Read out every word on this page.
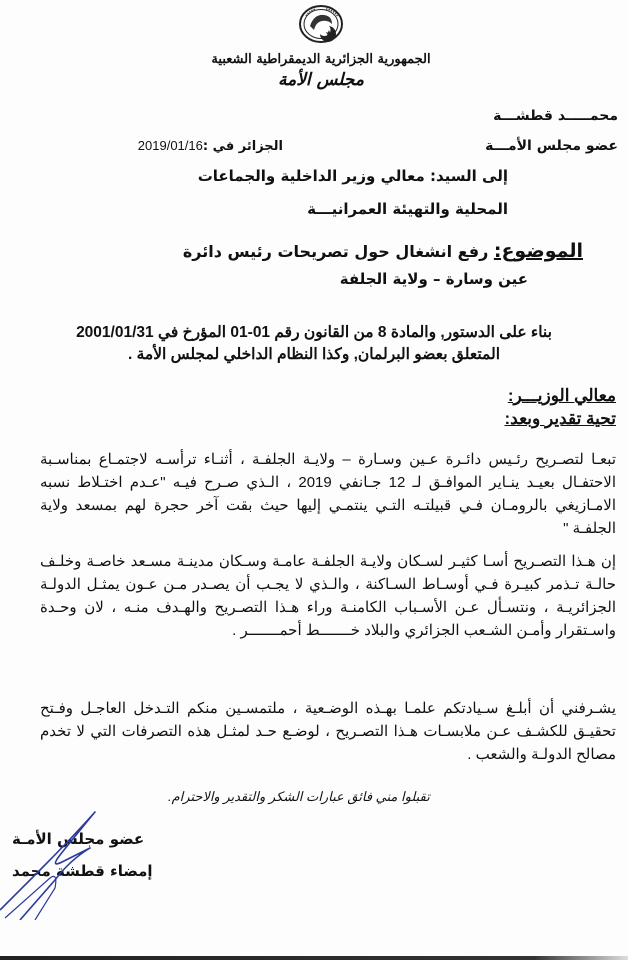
الجمهورية الجزائرية الديمقراطية الشعبية
مجلس الأمة
محمـــــد قطشـــة
عضو مجلس الأمـــة
الجزائر في :2019/01/16
إلى السيد: معالي وزير الداخلية والجماعات
المحلية والتهيئة العمرانيـــة
الموضوع: رفع انشغال حول تصريحات رئيس دائرة
عين وسارة – ولاية الجلفة
بناء على الدستور, والمادة 8 من القانون رقم 01-01 المؤرخ في 2001/01/31
المتعلق بعضو البرلمان, وكذا النظام الداخلي لمجلس الأمة .
معالي الوزيـــر:
تحية تقدير وبعد:
تبعـا لتصـريح رئـيس دائـرة عـين وسـارة – ولايـة الجلفـة ، أثنـاء ترأسـه لاجتمـاع بمناسـبة الاحتفـال بعيـد ينـاير الموافـق لـ 12 جـانفي 2019 ، الـذي صـرح فيـه "عـدم اختـلاط نسبه الامـازيغي بالرومـان فـي قبيلتـه التـي ينتمـي إليها حيث بقت آخر حجرة لهم بمسعد ولاية الجلفـة "
إن هـذا التصـريح أسـا كثيـر لسـكان ولايـة الجلفـة عامـة وسـكان مدينـة مسـعد خاصـة وخلـف حالـة تـذمر كبيـرة فـي أوسـاط السـاكنة ، والـذي لا يجـب أن يصـدر مـن عـون يمثـل الدولـة الجزائريـة ، ونتسـأل عـن الأسـباب الكامنـة وراء هـذا التصـريح والهـدف منـه ، لان وحـدة واسـتقرار وأمـن الشـعب الجزائري والبلاد خـــــــط أحمـــــــر .
يشـرفني أن أبلـغ سـيادتكم علمـا بهـذه الوضـعية ، ملتمسـين منكم التـدخل العاجـل وفـتح تحقيـق للكشـف عـن ملابسـات هـذا التصـريح ، لوضـع حـد لمثـل هذه التصرفات التي لا تخدم مصالح الدولـة والشعب .
تقبلوا مني فائق عبارات الشكر والتقدير والاحترام.
عضو مجلس الأمـة
إمضاء قطشة محمد
